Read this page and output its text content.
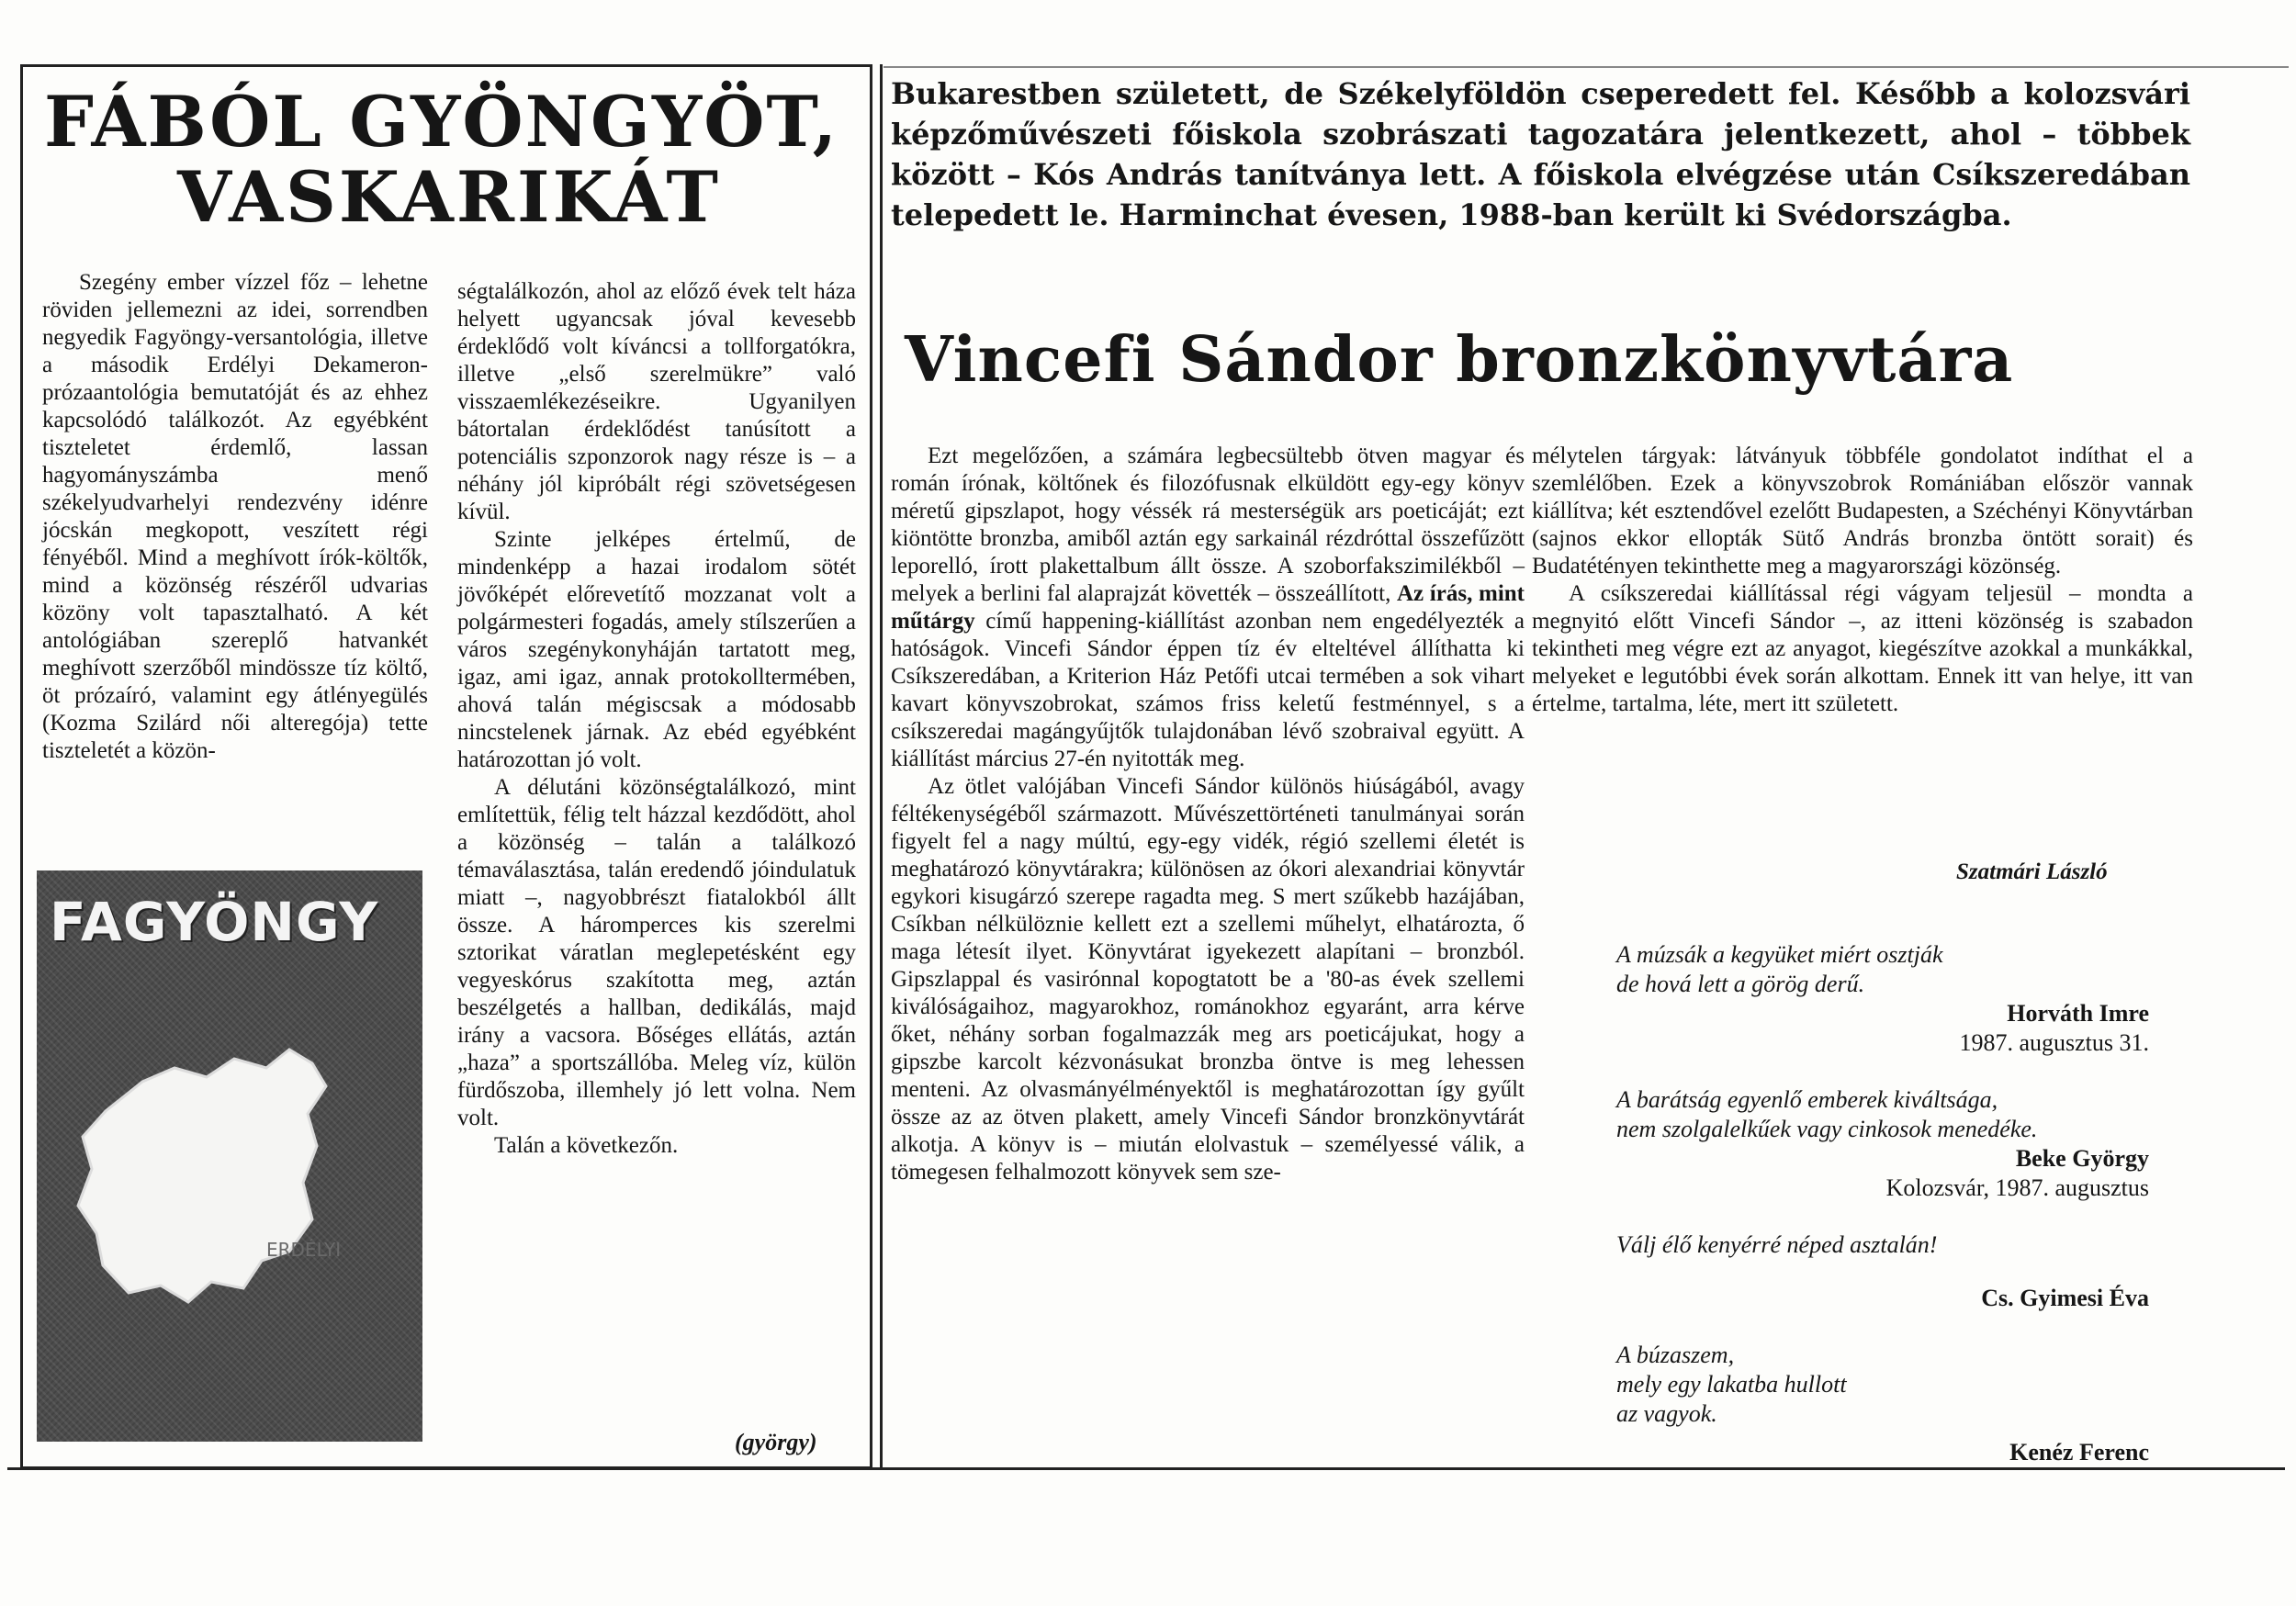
FÁBÓL GYÖNGYÖT,
VASKARIKÁT

Szegény ember vízzel főz – lehetne röviden jellemezni az idei, sorrendben negyedik Fagyöngy-versantológia, illetve a második Erdélyi Dekameron-prózaantológia bemutatóját és az ehhez kapcsolódó találkozót. Az egyébként tiszteletet érdemlő, lassan hagyományszámba menő székelyudvarhelyi rendezvény idénre jócskán megkopott, veszített régi fényéből. Mind a meghívott írók-költők, mind a közönség részéről udvarias közöny volt tapasztalható. A két antológiában szereplő hatvankét meghívott szerzőből mindössze tíz költő, öt prózaíró, valamint egy átlényegülés (Kozma Szilárd női alteregója) tette tiszteletét a közön-

ségtalálkozón, ahol az előző évek telt háza helyett ugyancsak jóval kevesebb érdeklődő volt kíváncsi a tollforgatókra, illetve „első szerelmükre” való visszaemlékezéseikre. Ugyanilyen bátortalan érdeklődést tanúsított a potenciális szponzorok nagy része is – a néhány jól kipróbált régi szövetségesen kívül.

Szinte jelképes értelmű, de mindenképp a hazai irodalom sötét jövőképét előrevetítő mozzanat volt a polgármesteri fogadás, amely stílszerűen a város szegénykonyháján tartatott meg, igaz, ami igaz, annak protokolltermében, ahová talán mégiscsak a módosabb nincstelenek járnak. Az ebéd egyébként határozottan jó volt.

A délutáni közönségtalálkozó, mint említettük, félig telt házzal kezdődött, ahol a közönség – talán a találkozó témaválasztása, talán eredendő jóindulatuk miatt –, nagyobbrészt fiatalokból állt össze. A háromperces kis szerelmi sztorikat váratlan meglepetésként egy vegyeskórus szakította meg, aztán beszélgetés a hallban, dedikálás, majd irány a vacsora. Bőséges ellátás, aztán „haza” a sportszállóba. Meleg víz, külön fürdőszoba, illemhely jó lett volna. Nem volt.

Talán a következőn.

(györgy)
ERDÉLYI
FAGYÖNGY

Bukarestben született, de Székelyföldön cseperedett fel. Később a kolozsvári képzőművészeti főiskola szobrászati tagozatára jelentkezett, ahol – többek között – Kós András tanítványa lett. A főiskola elvégzése után Csíkszeredában telepedett le. Harminchat évesen, 1988-ban került ki Svédországba.

Vincefi Sándor bronzkönyvtára

Ezt megelőzően, a számára legbecsültebb ötven magyar és román írónak, költőnek és filozófusnak elküldött egy-egy könyv méretű gipszlapot, hogy véssék rá mesterségük ars poeticáját; ezt kiöntötte bronzba, amiből aztán egy sarkainál rézdróttal összefűzött leporelló, írott plakettalbum állt össze. A szoborfakszimilékből – melyek a berlini fal alaprajzát követték – összeállított, Az írás, mint műtárgy című happening-kiállítást azonban nem engedélyezték a hatóságok. Vincefi Sándor éppen tíz év elteltével állíthatta ki Csíkszeredában, a Kriterion Ház Petőfi utcai termében a sok vihart kavart könyvszobrokat, számos friss keletű festménnyel, s a csíkszeredai magángyűjtők tulajdonában lévő szobraival együtt. A kiállítást március 27-én nyitották meg.

Az ötlet valójában Vincefi Sándor különös hiúságából, avagy féltékenységéből származott. Művészettörténeti tanulmányai során figyelt fel a nagy múltú, egy-egy vidék, régió szellemi életét is meghatározó könyvtárakra; különösen az ókori alexandriai könyvtár egykori kisugárzó szerepe ragadta meg. S mert szűkebb hazájában, Csíkban nélkülöznie kellett ezt a szellemi műhelyt, elhatározta, ő maga létesít ilyet. Könyvtárat igyekezett alapítani – bronzból. Gipszlappal és vasirónnal kopogtatott be a '80-as évek szellemi kiválóságaihoz, magyarokhoz, románokhoz egyaránt, arra kérve őket, néhány sorban fogalmazzák meg ars poeticájukat, hogy a gipszbe karcolt kézvonásukat bronzba öntve is meg lehessen menteni. Az olvasmányélményektől is meghatározottan így gyűlt össze az az ötven plakett, amely Vincefi Sándor bronzkönyvtárát alkotja. A könyv is – miután elolvastuk – személyessé válik, a tömegesen felhalmozott könyvek sem sze-

mélytelen tárgyak: látványuk többféle gondolatot indíthat el a szemlélőben. Ezek a könyvszobrok Romániában először vannak kiállítva; két esztendővel ezelőtt Budapesten, a Széchényi Könyvtárban (sajnos ekkor ellopták Sütő András bronzba öntött sorait) és Budatétényen tekinthette meg a magyarországi közönség.

A csíkszeredai kiállítással régi vágyam teljesül – mondta a megnyitó előtt Vincefi Sándor –, az itteni közönség is szabadon tekintheti meg végre ezt az anyagot, kiegészítve azokkal a munkákkal, melyeket e legutóbbi évek során alkottam. Ennek itt van helye, itt van értelme, tartalma, léte, mert itt született.

Szatmári László

A múzsák a kegyüket miért osztják

de hová lett a görög derű.

Horváth Imre

1987. augusztus 31.

A barátság egyenlő emberek kiváltsága,

nem szolgalelkűek vagy cinkosok menedéke.

Beke György

Kolozsvár, 1987. augusztus

Válj élő kenyérré néped asztalán!

Cs. Gyimesi Éva

A búzaszem,

mely egy lakatba hullott

az vagyok.

Kenéz Ferenc
